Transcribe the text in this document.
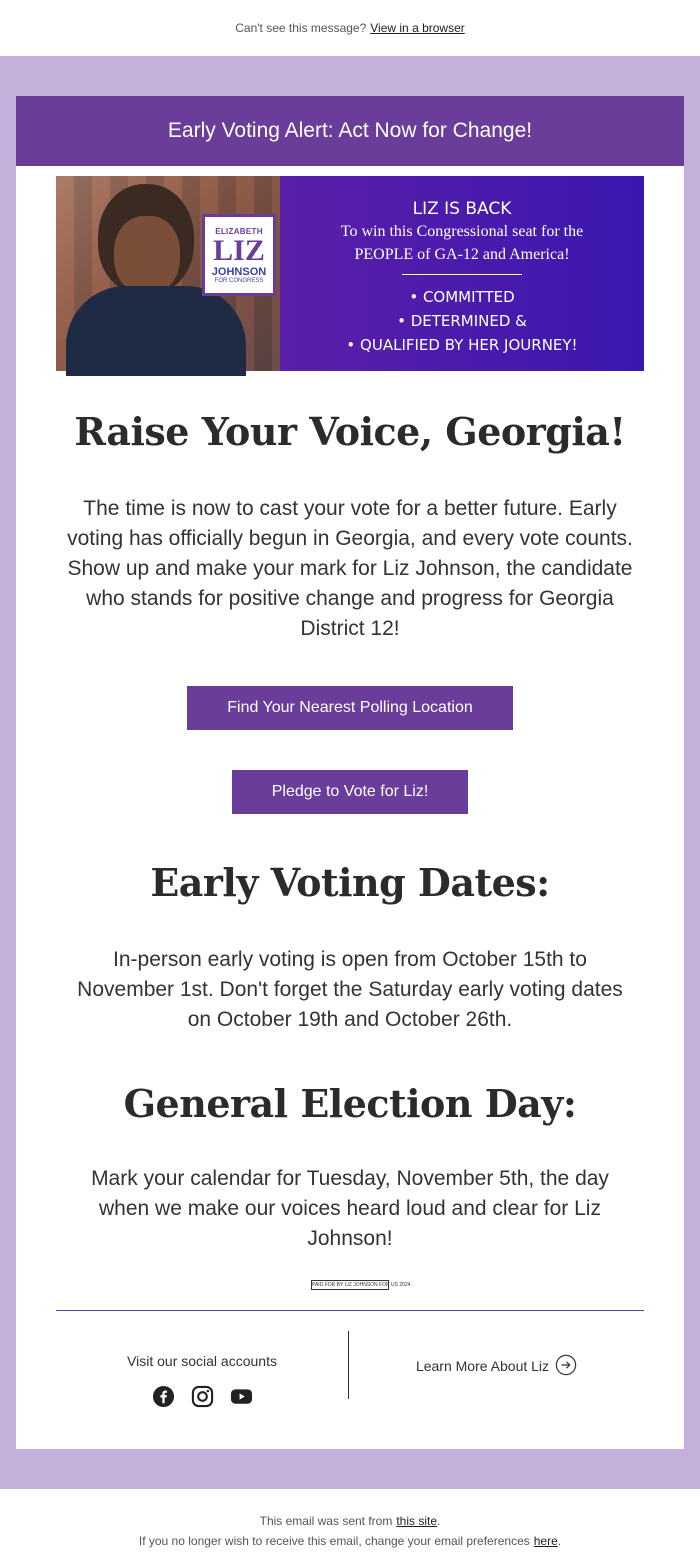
Can't see this message? View in a browser
Early Voting Alert: Act Now for Change!
ELIZABETH
LIZ
JOHNSON
FOR CONGRESS
LIZ IS BACK
To win this Congressional seat for the
PEOPLE of GA-12 and America!
• COMMITTED
• DETERMINED &
• QUALIFIED BY HER JOURNEY!
Raise Your Voice, Georgia!

The time is now to cast your vote for a better future. Early voting has officially begun in Georgia, and every vote counts. Show up and make your mark for Liz Johnson, the candidate who stands for positive change and progress for Georgia District 12!

Find Your Nearest Polling Location
Pledge to Vote for Liz!
Early Voting Dates:

In-person early voting is open from October 15th to November 1st. Don't forget the Saturday early voting dates on October 19th and October 26th.

General Election Day:

Mark your calendar for Tuesday, November 5th, the day when we make our voices heard loud and clear for Liz Johnson!

PAID FOR BY LIZ JOHNSON FOR US 2024
Visit our social accounts	Learn More About Liz
This email was sent from this site.
If you no longer wish to receive this email, change your email preferences here.
